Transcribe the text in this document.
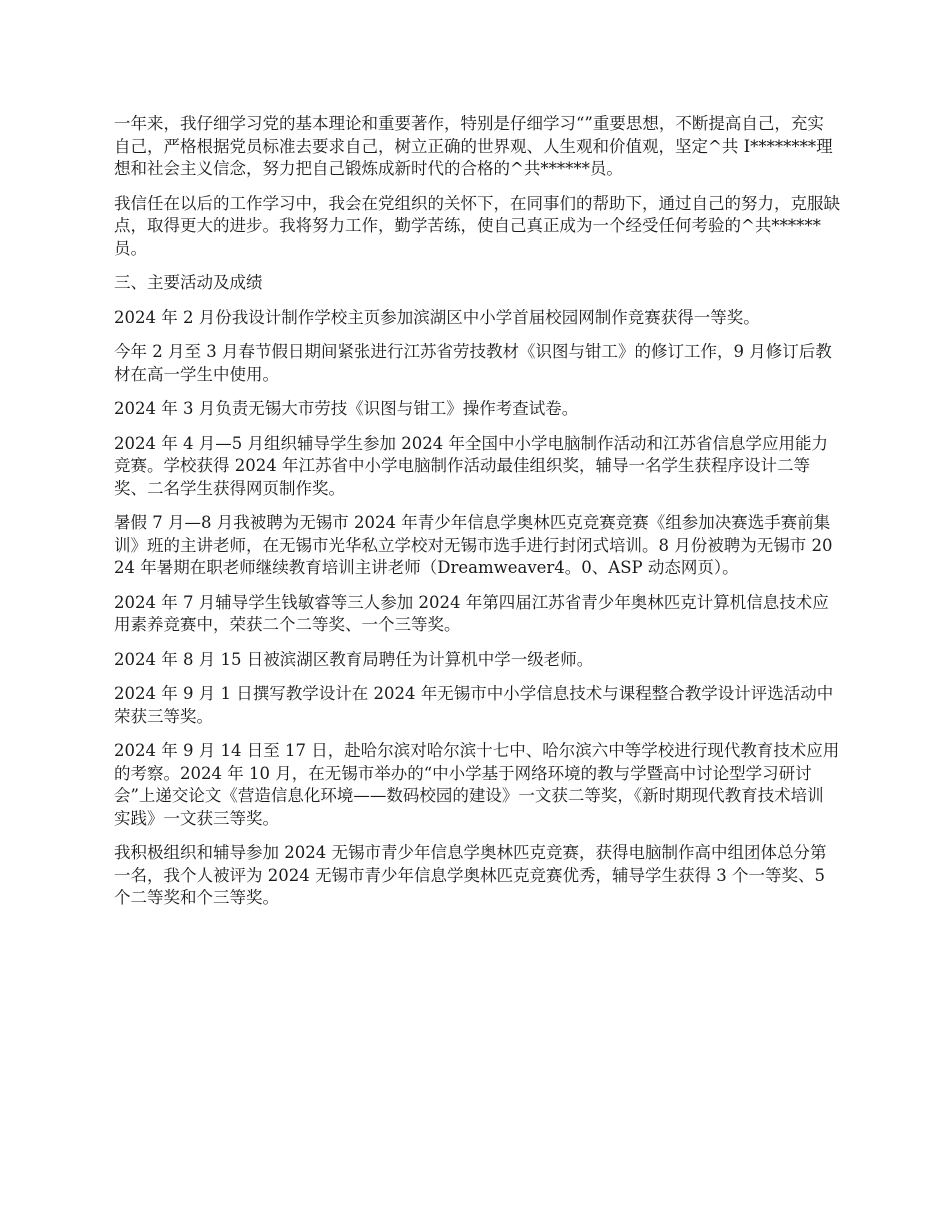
一年来，我仔细学习党的基本理论和重要著作，特别是仔细学习“”重要思想，不断提高自己，充实自己，严格根据党员标准去要求自己，树立正确的世界观、人生观和价值观，坚定^共 I********理想和社会主义信念，努力把自己锻炼成新时代的合格的^共******员。

我信任在以后的工作学习中，我会在党组织的关怀下，在同事们的帮助下，通过自己的努力，克服缺点，取得更大的进步。我将努力工作，勤学苦练，使自己真正成为一个经受任何考验的^共******员。

三、主要活动及成绩

2024 年 2 月份我设计制作学校主页参加滨湖区中小学首届校园网制作竞赛获得一等奖。

今年 2 月至 3 月春节假日期间紧张进行江苏省劳技教材《识图与钳工》的修订工作，9 月修订后教材在高一学生中使用。

2024 年 3 月负责无锡大市劳技《识图与钳工》操作考查试卷。

2024 年 4 月—5 月组织辅导学生参加 2024 年全国中小学电脑制作活动和江苏省信息学应用能力竞赛。学校获得 2024 年江苏省中小学电脑制作活动最佳组织奖，辅导一名学生获程序设计二等奖、二名学生获得网页制作奖。

暑假 7 月—8 月我被聘为无锡市 2024 年青少年信息学奥林匹克竞赛竞赛《组参加决赛选手赛前集训》班的主讲老师，在无锡市光华私立学校对无锡市选手进行封闭式培训。8 月份被聘为无锡市 2024 年暑期在职老师继续教育培训主讲老师（Dreamweaver4。0、ASP 动态网页）。

2024 年 7 月辅导学生钱敏睿等三人参加 2024 年第四届江苏省青少年奥林匹克计算机信息技术应用素养竞赛中，荣获二个二等奖、一个三等奖。

2024 年 8 月 15 日被滨湖区教育局聘任为计算机中学一级老师。

2024 年 9 月 1 日撰写教学设计在 2024 年无锡市中小学信息技术与课程整合教学设计评选活动中荣获三等奖。

2024 年 9 月 14 日至 17 日，赴哈尔滨对哈尔滨十七中、哈尔滨六中等学校进行现代教育技术应用的考察。2024 年 10 月，在无锡市举办的“中小学基于网络环境的教与学暨高中讨论型学习研讨会”上递交论文《营造信息化环境——数码校园的建设》一文获二等奖，《新时期现代教育技术培训实践》一文获三等奖。

我积极组织和辅导参加 2024 无锡市青少年信息学奥林匹克竞赛，获得电脑制作高中组团体总分第一名，我个人被评为 2024 无锡市青少年信息学奥林匹克竞赛优秀，辅导学生获得 3 个一等奖、5 个二等奖和个三等奖。
